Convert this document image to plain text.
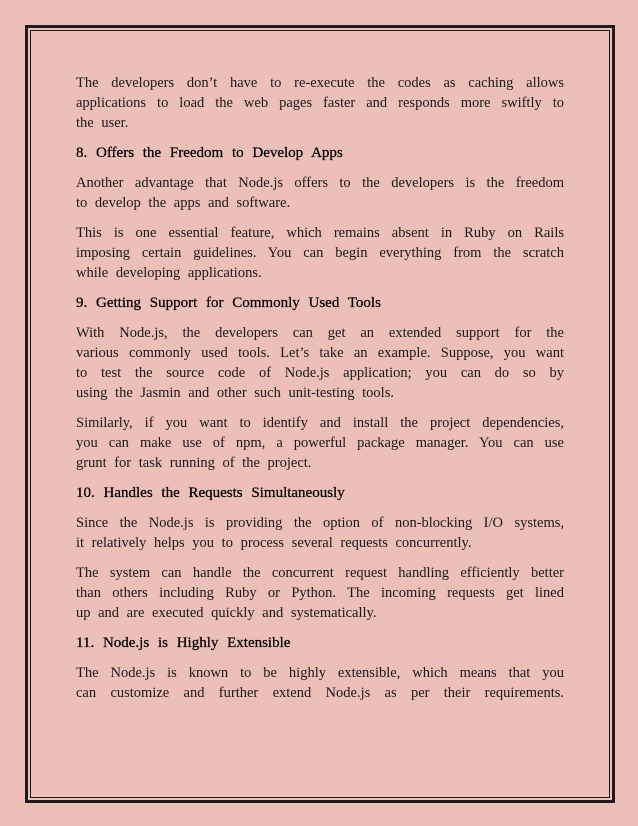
The developers don’t have to re-execute the codes as caching allows
applications to load the web pages faster and responds more swiftly to
the user.

8. Offers the Freedom to Develop Apps

Another advantage that Node.js offers to the developers is the freedom
to develop the apps and software.

This is one essential feature, which remains absent in Ruby on Rails
imposing certain guidelines. You can begin everything from the scratch
while developing applications.

9. Getting Support for Commonly Used Tools

With Node.js, the developers can get an extended support for the
various commonly used tools. Let’s take an example. Suppose, you want
to test the source code of Node.js application; you can do so by
using the Jasmin and other such unit-testing tools.

Similarly, if you want to identify and install the project dependencies,
you can make use of npm, a powerful package manager. You can use
grunt for task running of the project.

10. Handles the Requests Simultaneously

Since the Node.js is providing the option of non-blocking I/O systems,
it relatively helps you to process several requests concurrently.

The system can handle the concurrent request handling efficiently better
than others including Ruby or Python. The incoming requests get lined
up and are executed quickly and systematically.

11. Node.js is Highly Extensible

The Node.js is known to be highly extensible, which means that you
can customize and further extend Node.js as per their requirements.
